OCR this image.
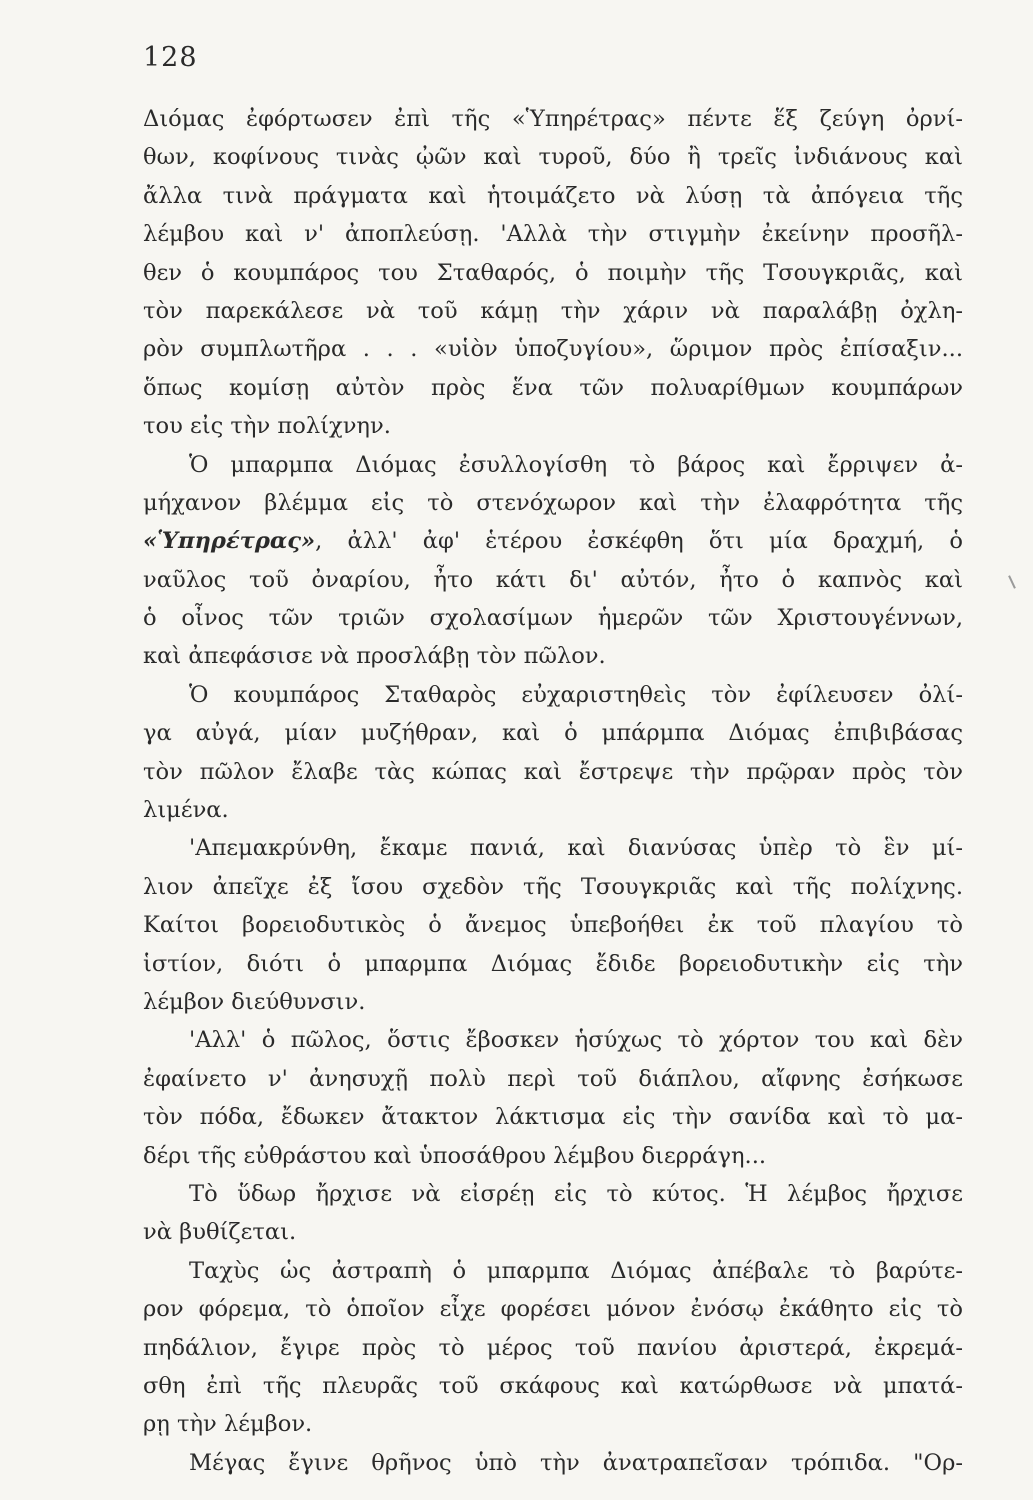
128
Διόμας ἐφόρτωσεν ἐπὶ τῆς «Ὑπηρέτρας» πέντε ἕξ ζεύγη ὀρνί-
θων, κοφίνους τινὰς ᾠῶν καὶ τυροῦ, δύο ἢ τρεῖς ἰνδιάνους καὶ
ἄλλα τινὰ πράγματα καὶ ἡτοιμάζετο νὰ λύσῃ τὰ ἀπόγεια τῆς
λέμβου καὶ ν' ἀποπλεύσῃ. 'Αλλὰ τὴν στιγμὴν ἐκείνην προσῆλ-
θεν ὁ κουμπάρος του Σταθαρός, ὁ ποιμὴν τῆς Τσουγκριᾶς, καὶ
τὸν παρεκάλεσε νὰ τοῦ κάμῃ τὴν χάριν νὰ παραλάβῃ ὀχλη-
ρὸν συμπλωτῆρα . . . «υἱὸν ὑποζυγίου», ὥριμον πρὸς ἐπίσαξιν...
ὅπως κομίσῃ αὐτὸν πρὸς ἕνα τῶν πολυαρίθμων κουμπάρων
του εἰς τὴν πολίχνην.
Ὁ μπαρμπα Διόμας ἐσυλλογίσθη τὸ βάρος καὶ ἔρριψεν ἀ-
μήχανον βλέμμα εἰς τὸ στενόχωρον καὶ τὴν ἐλαφρότητα τῆς
«Ὑπηρέτρας», ἀλλ' ἀφ' ἑτέρου ἐσκέφθη ὅτι μία δραχμή, ὁ
ναῦλος τοῦ ὀναρίου, ἦτο κάτι δι' αὐτόν, ἦτο ὁ καπνὸς καὶ
ὁ οἶνος τῶν τριῶν σχολασίμων ἡμερῶν τῶν Χριστουγέννων,
καὶ ἀπεφάσισε νὰ προσλάβῃ τὸν πῶλον.
Ὁ κουμπάρος Σταθαρὸς εὐχαριστηθεὶς τὸν ἐφίλευσεν ὀλί-
γα αὐγά, μίαν μυζήθραν, καὶ ὁ μπάρμπα Διόμας ἐπιβιβάσας
τὸν πῶλον ἔλαβε τὰς κώπας καὶ ἔστρεψε τὴν πρῷραν πρὸς τὸν
λιμένα.
'Απεμακρύνθη, ἔκαμε πανιά, καὶ διανύσας ὑπὲρ τὸ ἓν μί-
λιον ἀπεῖχε ἐξ ἴσου σχεδὸν τῆς Τσουγκριᾶς καὶ τῆς πολίχνης.
Καίτοι βορειοδυτικὸς ὁ ἄνεμος ὑπεβοήθει ἐκ τοῦ πλαγίου τὸ
ἱστίον, διότι ὁ μπαρμπα Διόμας ἔδιδε βορειοδυτικὴν εἰς τὴν
λέμβον διεύθυνσιν.
'Αλλ' ὁ πῶλος, ὅστις ἔβοσκεν ἡσύχως τὸ χόρτον του καὶ δὲν
ἐφαίνετο ν' ἀνησυχῇ πολὺ περὶ τοῦ διάπλου, αἴφνης ἐσήκωσε
τὸν πόδα, ἔδωκεν ἄτακτον λάκτισμα εἰς τὴν σανίδα καὶ τὸ μα-
δέρι τῆς εὐθράστου καὶ ὑποσάθρου λέμβου διερράγη...
Τὸ ὕδωρ ἤρχισε νὰ εἰσρέῃ εἰς τὸ κύτος. Ἡ λέμβος ἤρχισε
νὰ βυθίζεται.
Ταχὺς ὡς ἀστραπὴ ὁ μπαρμπα Διόμας ἀπέβαλε τὸ βαρύτε-
ρον φόρεμα, τὸ ὁποῖον εἶχε φορέσει μόνον ἐνόσῳ ἐκάθητο εἰς τὸ
πηδάλιον, ἔγιρε πρὸς τὸ μέρος τοῦ πανίου ἀριστερά, ἐκρεμά-
σθη ἐπὶ τῆς πλευρᾶς τοῦ σκάφους καὶ κατώρθωσε νὰ μπατά-
ρῃ τὴν λέμβον.
Μέγας ἔγινε θρῆνος ὑπὸ τὴν ἀνατραπεῖσαν τρόπιδα. "Ορ-
